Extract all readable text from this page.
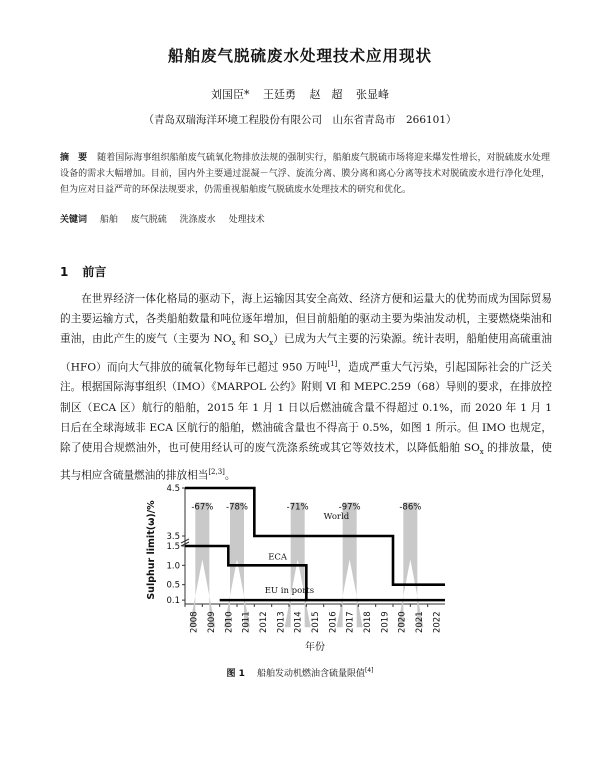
船舶废气脱硫废水处理技术应用现状
刘国臣* 王廷勇 赵　超 张显峰
（青岛双瑞海洋环境工程股份有限公司　山东省青岛市　266101）
摘　要 随着国际海事组织船舶废气硫氧化物排放法规的强制实行，船舶废气脱硫市场将迎来爆发性增长，对脱硫废水处理设备的需求大幅增加。目前，国内外主要通过混凝－气浮、旋流分离、膜分离和离心分离等技术对脱硫废水进行净化处理，但为应对日益严苛的环保法规要求，仍需重视船舶废气脱硫废水处理技术的研究和优化。
关键词 船舶 废气脱硫 洗涤废水 处理技术
1 前言

在世界经济一体化格局的驱动下，海上运输因其安全高效、经济方便和运量大的优势而成为国际贸易的主要运输方式，各类船舶数量和吨位逐年增加，但目前船舶的驱动主要为柴油发动机，主要燃烧柴油和重油，由此产生的废气（主要为 $NO_x$ 和 $SO_x$）已成为大气主要的污染源。统计表明，船舶使用高硫重油（HFO）而向大气排放的硫氧化物每年已超过 950 万吨[1]，造成严重大气污染，引起国际社会的广泛关注。根据国际海事组织（IMO）《MARPOL 公约》附则 Ⅵ 和 MEPC.259（68）导则的要求，在排放控制区（ECA 区）航行的船舶，2015 年 1 月 1 日以后燃油硫含量不得超过 0.1%，而 2020 年 1 月 1 日后在全球海域非 ECA 区航行的船舶，燃油硫含量也不得高于 0.5%，如图 1 所示。但 IMO 也规定，除了使用合规燃油外，也可使用经认可的废气洗涤系统或其它等效技术，以降低船舶 $SO_x$ 的排放量，使其与相应含硫量燃油的排放相当[2,3]。

-67% -78%	-71%	-97%	-86%
World
ECA
EU in ports
0.1
0.5
1.0
1.5
3.5
4.5
2008 2009 2010 2011 2012 2013 2014 2015 2016 2017 2018 2019 2020 2021 2022
年份
Sulphur limit(ω)/%
图 1 船舶发动机燃油含硫量限值[4]
